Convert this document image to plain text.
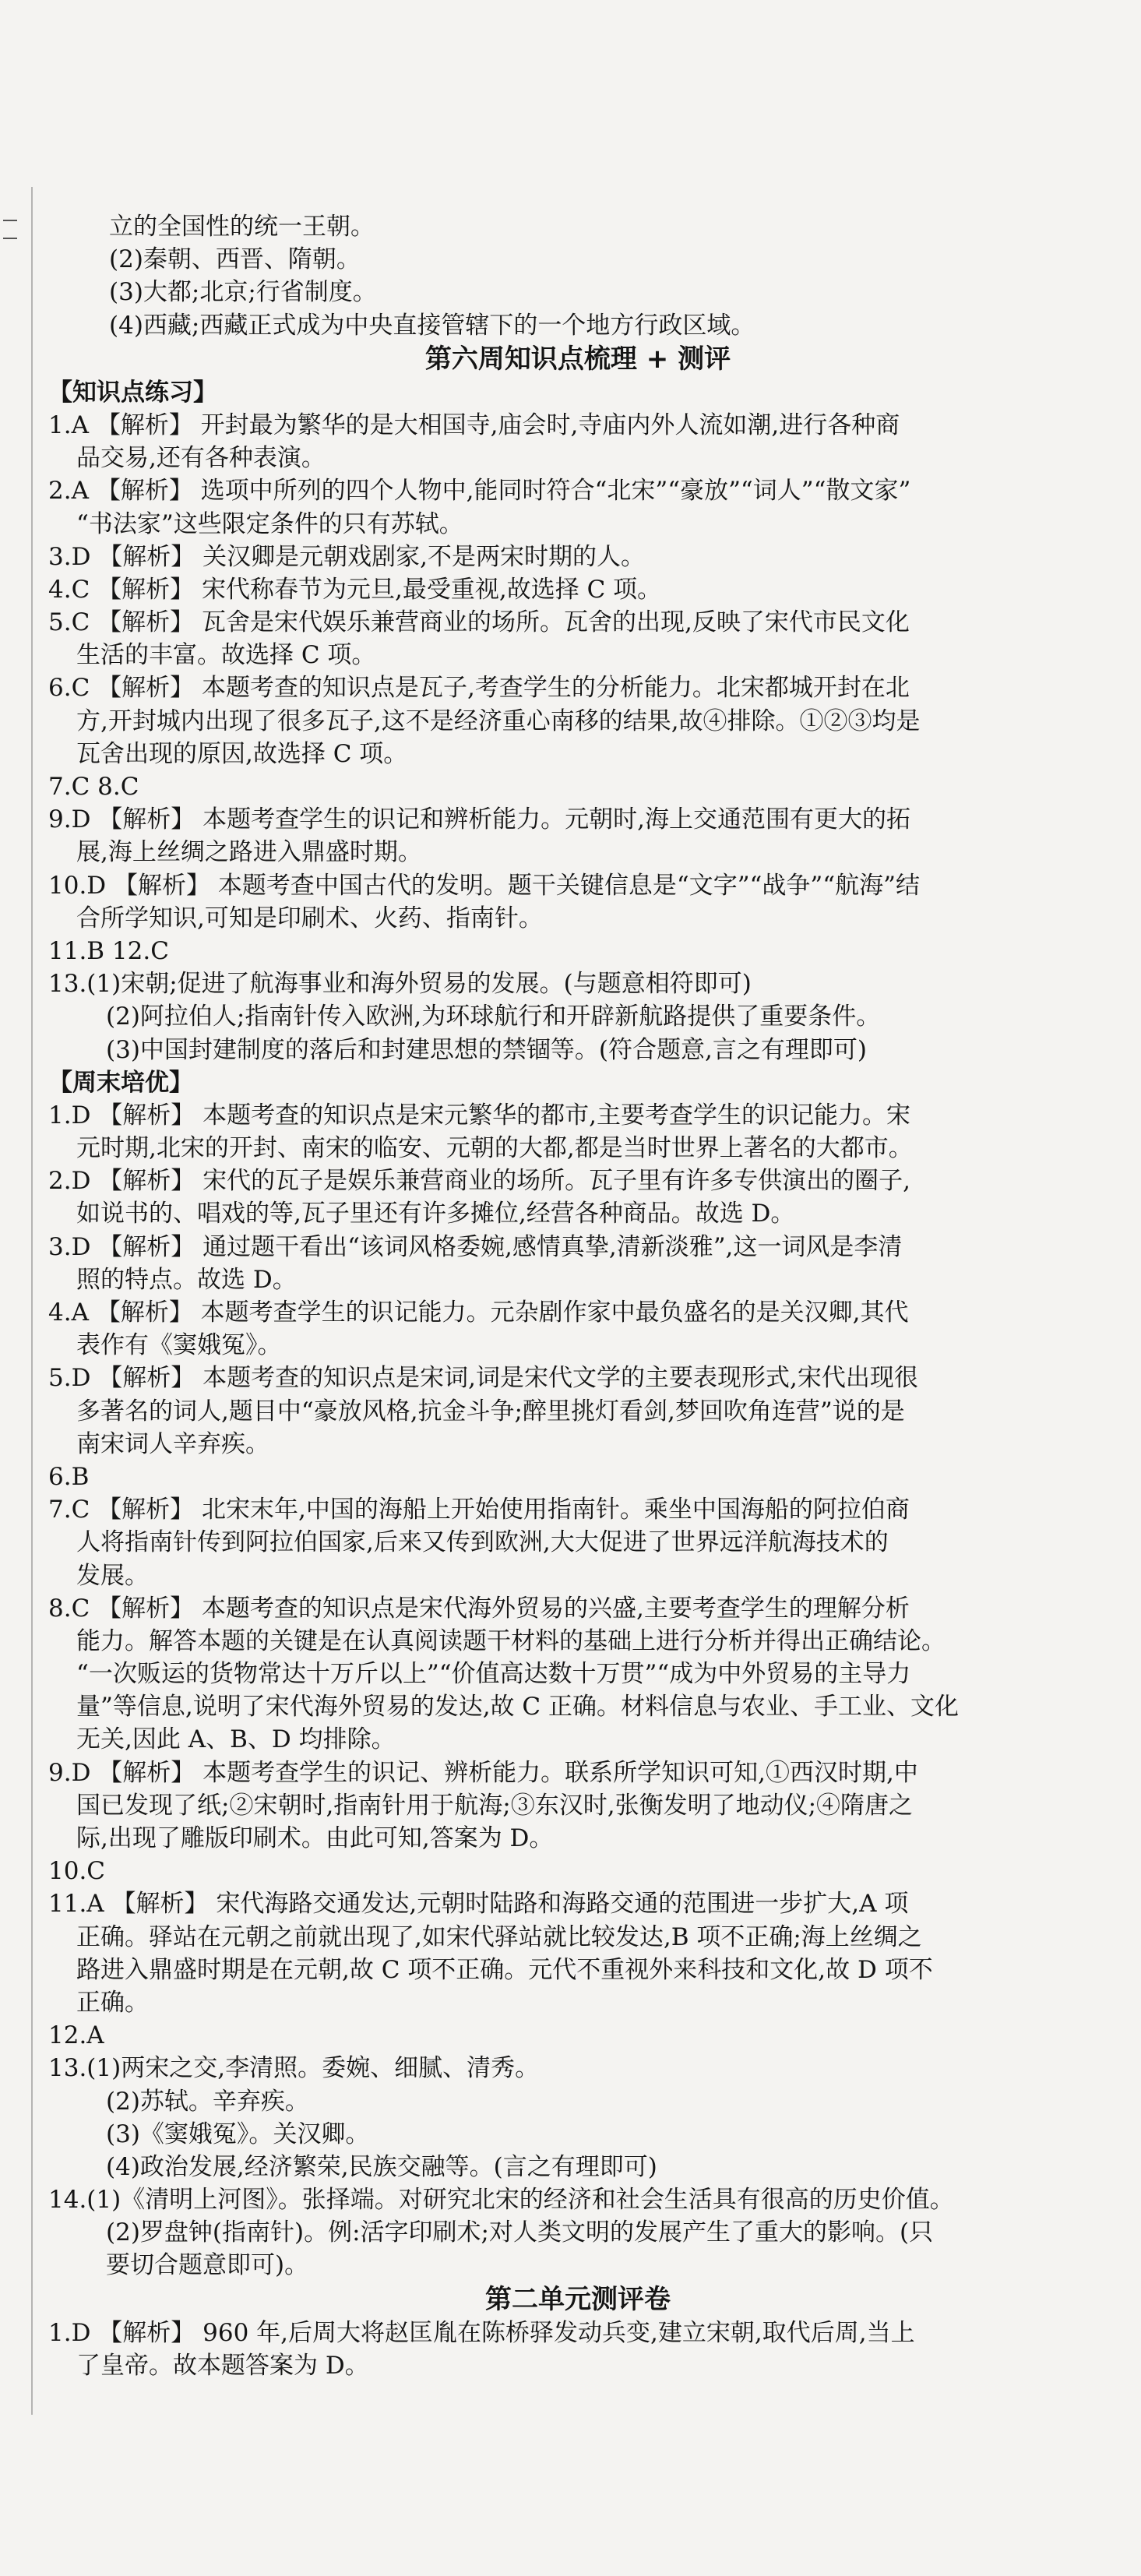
立的全国性的统一王朝。
(2)秦朝、西晋、隋朝。
(3)大都;北京;行省制度。
(4)西藏;西藏正式成为中央直接管辖下的一个地方行政区域。
第六周知识点梳理 + 测评
【知识点练习】
1.A 【解析】 开封最为繁华的是大相国寺,庙会时,寺庙内外人流如潮,进行各种商
品交易,还有各种表演。
2.A 【解析】 选项中所列的四个人物中,能同时符合“北宋”“豪放”“词人”“散文家”
“书法家”这些限定条件的只有苏轼。
3.D 【解析】 关汉卿是元朝戏剧家,不是两宋时期的人。
4.C 【解析】 宋代称春节为元旦,最受重视,故选择 C 项。
5.C 【解析】 瓦舍是宋代娱乐兼营商业的场所。瓦舍的出现,反映了宋代市民文化
生活的丰富。故选择 C 项。
6.C 【解析】 本题考查的知识点是瓦子,考查学生的分析能力。北宋都城开封在北
方,开封城内出现了很多瓦子,这不是经济重心南移的结果,故④排除。①②③均是
瓦舍出现的原因,故选择 C 项。
7.C 8.C
9.D 【解析】 本题考查学生的识记和辨析能力。元朝时,海上交通范围有更大的拓
展,海上丝绸之路进入鼎盛时期。
10.D 【解析】 本题考查中国古代的发明。题干关键信息是“文字”“战争”“航海”结
合所学知识,可知是印刷术、火药、指南针。
11.B 12.C
13.(1)宋朝;促进了航海事业和海外贸易的发展。(与题意相符即可)
(2)阿拉伯人;指南针传入欧洲,为环球航行和开辟新航路提供了重要条件。
(3)中国封建制度的落后和封建思想的禁锢等。(符合题意,言之有理即可)
【周末培优】
1.D 【解析】 本题考查的知识点是宋元繁华的都市,主要考查学生的识记能力。宋
元时期,北宋的开封、南宋的临安、元朝的大都,都是当时世界上著名的大都市。
2.D 【解析】 宋代的瓦子是娱乐兼营商业的场所。瓦子里有许多专供演出的圈子,
如说书的、唱戏的等,瓦子里还有许多摊位,经营各种商品。故选 D。
3.D 【解析】 通过题干看出“该词风格委婉,感情真挚,清新淡雅”,这一词风是李清
照的特点。故选 D。
4.A 【解析】 本题考查学生的识记能力。元杂剧作家中最负盛名的是关汉卿,其代
表作有《窦娥冤》。
5.D 【解析】 本题考查的知识点是宋词,词是宋代文学的主要表现形式,宋代出现很
多著名的词人,题目中“豪放风格,抗金斗争;醉里挑灯看剑,梦回吹角连营”说的是
南宋词人辛弃疾。
6.B
7.C 【解析】 北宋末年,中国的海船上开始使用指南针。乘坐中国海船的阿拉伯商
人将指南针传到阿拉伯国家,后来又传到欧洲,大大促进了世界远洋航海技术的
发展。
8.C 【解析】 本题考查的知识点是宋代海外贸易的兴盛,主要考查学生的理解分析
能力。解答本题的关键是在认真阅读题干材料的基础上进行分析并得出正确结论。
“一次贩运的货物常达十万斤以上”“价值高达数十万贯”“成为中外贸易的主导力
量”等信息,说明了宋代海外贸易的发达,故 C 正确。材料信息与农业、手工业、文化
无关,因此 A、B、D 均排除。
9.D 【解析】 本题考查学生的识记、辨析能力。联系所学知识可知,①西汉时期,中
国已发现了纸;②宋朝时,指南针用于航海;③东汉时,张衡发明了地动仪;④隋唐之
际,出现了雕版印刷术。由此可知,答案为 D。
10.C
11.A 【解析】 宋代海路交通发达,元朝时陆路和海路交通的范围进一步扩大,A 项
正确。驿站在元朝之前就出现了,如宋代驿站就比较发达,B 项不正确;海上丝绸之
路进入鼎盛时期是在元朝,故 C 项不正确。元代不重视外来科技和文化,故 D 项不
正确。
12.A
13.(1)两宋之交,李清照。委婉、细腻、清秀。
(2)苏轼。辛弃疾。
(3)《窦娥冤》。关汉卿。
(4)政治发展,经济繁荣,民族交融等。(言之有理即可)
14.(1)《清明上河图》。张择端。对研究北宋的经济和社会生活具有很高的历史价值。
(2)罗盘钟(指南针)。例:活字印刷术;对人类文明的发展产生了重大的影响。(只
要切合题意即可)。
第二单元测评卷
1.D 【解析】 960 年,后周大将赵匡胤在陈桥驿发动兵变,建立宋朝,取代后周,当上
了皇帝。故本题答案为 D。
